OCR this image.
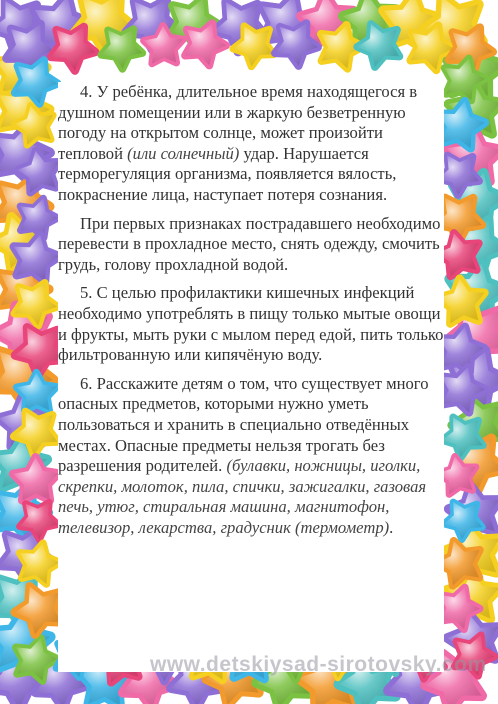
4. У ребёнка, длительное время находящегося в душном помещении или в жаркую безветренную погоду на открытом солнце, может произойти тепловой (или солнечный) удар. Нарушается терморегуляция организма, появляется вялость, покраснение лица, наступает потеря сознания.

При первых признаках пострадавшего необходимо перевести в прохладное место, снять одежду, смочить грудь, голову прохладной водой.

5. С целью профилактики кишечных инфекций необходимо употреблять в пищу только мытые овощи и фрукты, мыть руки с мылом перед едой, пить только фильтрованную или кипячёную воду.

6. Расскажите детям о том, что существует много опасных предметов, которыми нужно уметь пользоваться и хранить в специально отведённых местах. Опасные предметы нельзя трогать без разрешения родителей. (булавки, ножницы, иголки, скрепки, молоток, пила, спички, зажигалки, газовая печь, утюг, стиральная машина, магнитофон, телевизор, лекарства, градусник (термометр).

www.detskiysad-sirotovsky.com
